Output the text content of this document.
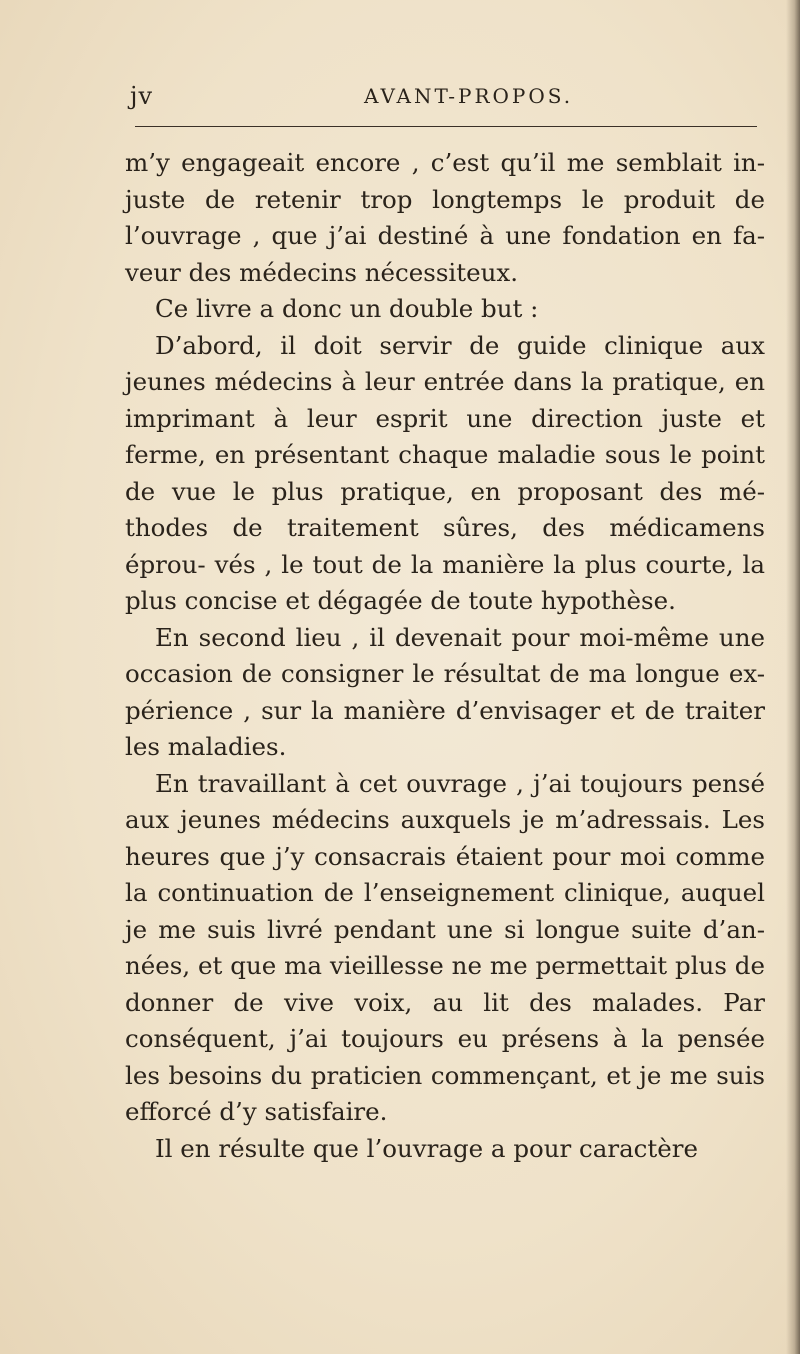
jv	AVANT-PROPOS.

m’y engageait encore , c’est qu’il me semblait in- juste de retenir trop longtemps le produit de l’ouvrage , que j’ai destiné à une fondation en fa- veur des médecins nécessiteux.

Ce livre a donc un double but :

D’abord, il doit servir de guide clinique aux jeunes médecins à leur entrée dans la pratique, en imprimant à leur esprit une direction juste et ferme, en présentant chaque maladie sous le point de vue le plus pratique, en proposant des mé- thodes de traitement sûres, des médicamens éprou- vés , le tout de la manière la plus courte, la plus concise et dégagée de toute hypothèse.

En second lieu , il devenait pour moi-même une occasion de consigner le résultat de ma longue ex- périence , sur la manière d’envisager et de traiter les maladies.

En travaillant à cet ouvrage , j’ai toujours pensé aux jeunes médecins auxquels je m’adressais. Les heures que j’y consacrais étaient pour moi comme la continuation de l’enseignement clinique, auquel je me suis livré pendant une si longue suite d’an- nées, et que ma vieillesse ne me permettait plus de donner de vive voix, au lit des malades. Par conséquent, j’ai toujours eu présens à la pensée les besoins du praticien commençant, et je me suis efforcé d’y satisfaire.

Il en résulte que l’ouvrage a pour caractère
